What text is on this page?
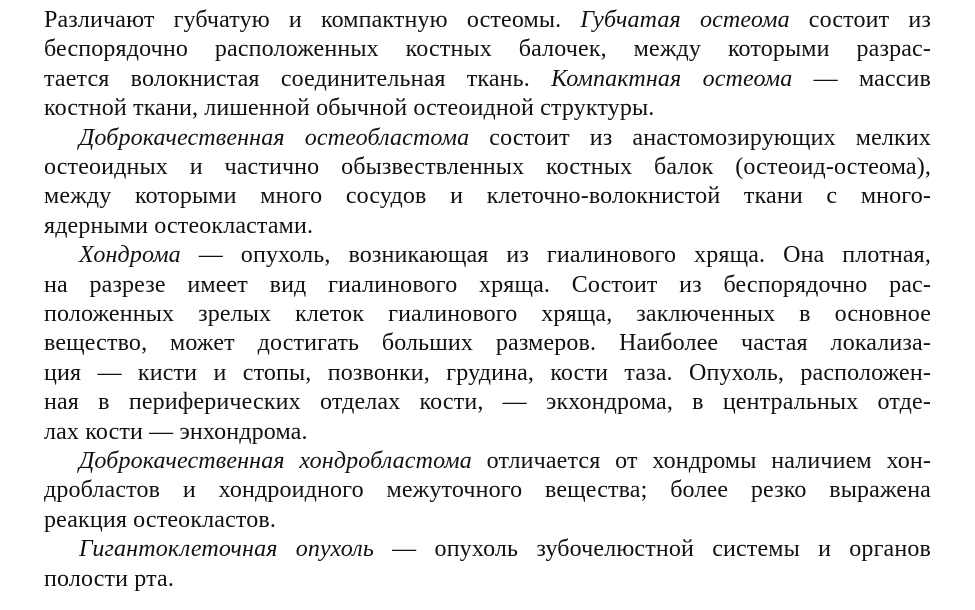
Различают губчатую и компактную остеомы. Губчатая остеома состоит из
беспорядочно расположенных костных балочек, между которыми разрас-
тается волокнистая соединительная ткань. Компактная остеома — массив
костной ткани, лишенной обычной остеоидной структуры.
Доброкачественная остеобластома состоит из анастомозирующих мелких
остеоидных и частично обызвествленных костных балок (остеоид-остеома),
между которыми много сосудов и клеточно-волокнистой ткани с много-
ядерными остеокластами.
Хондрома — опухоль, возникающая из гиалинового хряща. Она плотная,
на разрезе имеет вид гиалинового хряща. Состоит из беспорядочно рас-
положенных зрелых клеток гиалинового хряща, заключенных в основное
вещество, может достигать больших размеров. Наиболее частая локализа-
ция — кисти и стопы, позвонки, грудина, кости таза. Опухоль, расположен-
ная в периферических отделах кости, — экхондрома, в центральных отде-
лах кости — энхондрома.
Доброкачественная хондробластома отличается от хондромы наличием хон-
дробластов и хондроидного межуточного вещества; более резко выражена
реакция остеокластов.
Гигантоклеточная опухоль — опухоль зубочелюстной системы и органов
полости рта.
